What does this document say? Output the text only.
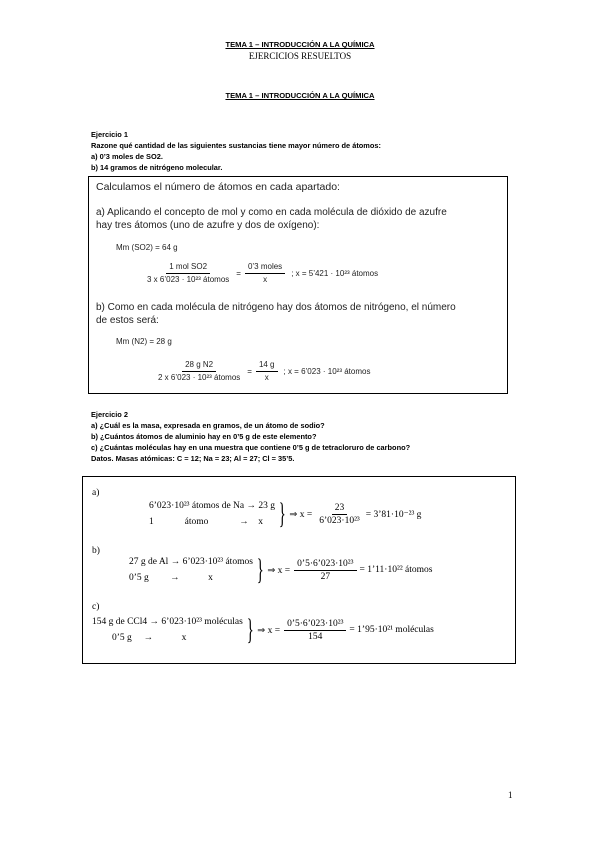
TEMA 1 – INTRODUCCIÓN A LA QUÍMICA
EJERCICIOS RESUELTOS
TEMA 1 – INTRODUCCIÓN A LA QUÍMICA
Ejercicio 1
Razone qué cantidad de las siguientes sustancias tiene mayor número de átomos:
a) 0’3 moles de SO2.
b) 14 gramos de nitrógeno molecular.
Calculamos el número de átomos en cada apartado:
a) Aplicando el concepto de mol y como en cada molécula de dióxido de azufre
hay tres átomos (uno de azufre y dos de oxígeno):
Mm (SO2) = 64 g
$\frac{\text{1 mol SO2}}{\text{3 x 6’023 · 10²³ átomos}} = \frac{\text{0’3 moles}}{x}$ ; x = 5’421 · 10²³ átomos
b) Como en cada molécula de nitrógeno hay dos átomos de nitrógeno, el número
de estos será:
Mm (N2) = 28 g
$\frac{\text{28 g N2}}{\text{2 x 6’023 · 10²³ átomos}} = \frac{14 g}{x}$ ; x = 6’023 · 10²³ átomos
Ejercicio 2
a) ¿Cuál es la masa, expresada en gramos, de un átomo de sodio?
b) ¿Cuántos átomos de aluminio hay en 0’5 g de este elemento?
c) ¿Cuántas moléculas hay en una muestra que contiene 0’5 g de tetracloruro de carbono?
Datos. Masas atómicas: C = 12; Na = 23; Al = 27; Cl = 35’5.
a)
6’023·10²³ átomos de Na → 23 g
1             átomo             →    x } ⇒ $x = \frac{23}{\text{6’023·10²³}}$ = 3’81·10⁻²³ g
b)
27 g de Al → 6’023·10²³ átomos
0’5 g         →            x	} ⇒ $x = \frac{\text{0’5·6’023·10²³}}{27}$ = 1’11·10²² átomos
c)
154 g de CCl4 → 6’023·10²³ moléculas
0’5 g     →            x	} ⇒ $x = \frac{\text{0’5·6’023·10²³}}{154}$ = 1’95·10²¹ moléculas
1
